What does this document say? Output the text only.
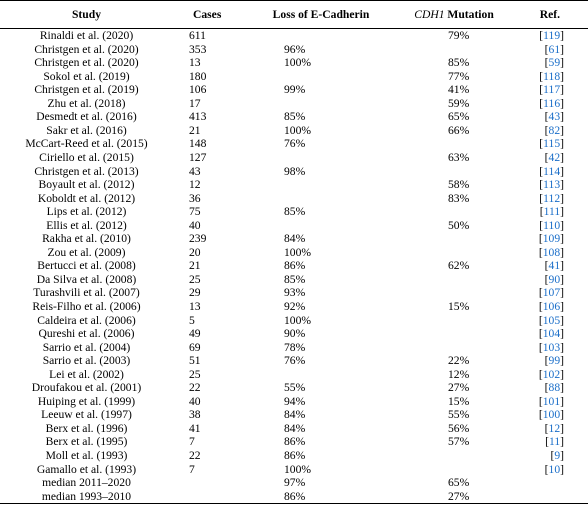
Study	Cases	Loss of E-Cadherin	CDH1 Mutation	Ref.
Rinaldi et al. (2020)	611		79%	[119]
Christgen et al. (2020)	353	96%		[61]
Christgen et al. (2020)	13	100%	85%	[59]
Sokol et al. (2019)	180		77%	[118]
Christgen et al. (2019)	106	99%	41%	[117]
Zhu et al. (2018)	17		59%	[116]
Desmedt et al. (2016)	413	85%	65%	[43]
Sakr et al. (2016)	21	100%	66%	[82]
McCart-Reed et al. (2015)	148	76%		[115]
Ciriello et al. (2015)	127		63%	[42]
Christgen et al. (2013)	43	98%		[114]
Boyault et al. (2012)	12		58%	[113]
Koboldt et al. (2012)	36		83%	[112]
Lips et al. (2012)	75	85%		[111]
Ellis et al. (2012)	40		50%	[110]
Rakha et al. (2010)	239	84%		[109]
Zou et al. (2009)	20	100%		[108]
Bertucci et al. (2008)	21	86%	62%	[41]
Da Silva et al. (2008)	25	85%		[90]
Turashvili et al. (2007)	29	93%		[107]
Reis-Filho et al. (2006)	13	92%	15%	[106]
Caldeira et al. (2006)	5	100%		[105]
Qureshi et al. (2006)	49	90%		[104]
Sarrio et al. (2004)	69	78%		[103]
Sarrio et al. (2003)	51	76%	22%	[99]
Lei et al. (2002)	25		12%	[102]
Droufakou et al. (2001)	22	55%	27%	[88]
Huiping et al. (1999)	40	94%	15%	[101]
Leeuw et al. (1997)	38	84%	55%	[100]
Berx et al. (1996)	41	84%	56%	[12]
Berx et al. (1995)	7	86%	57%	[11]
Moll et al. (1993)	22	86%		[9]
Gamallo et al. (1993)	7	100%		[10]
median 2011–2020		97%	65%	
median 1993–2010		86%	27%	
